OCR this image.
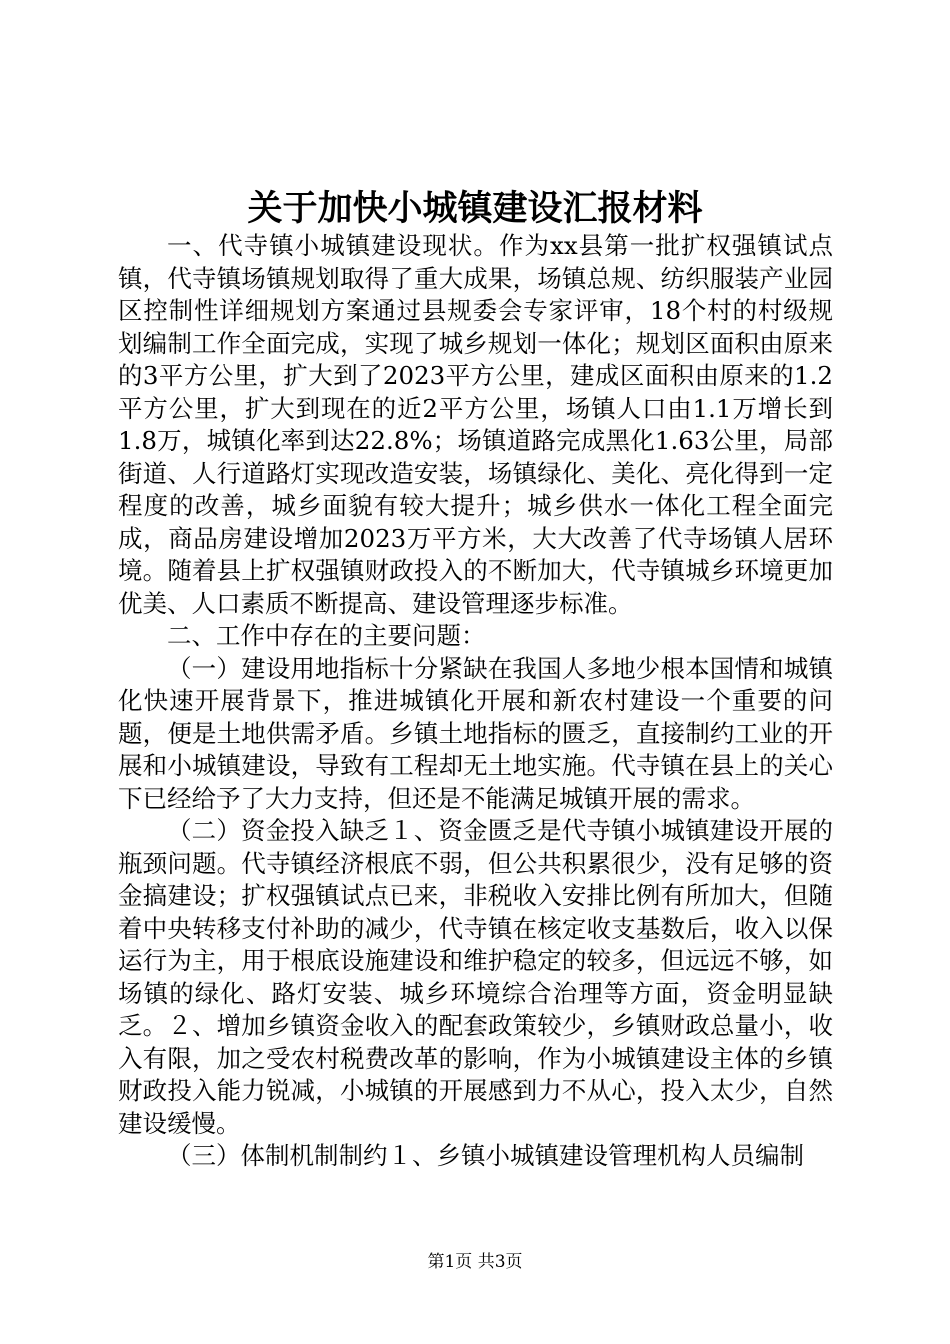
关于加快小城镇建设汇报材料

一、代寺镇小城镇建设现状。作为xx县第一批扩权强镇试点镇，代寺镇场镇规划取得了重大成果，场镇总规、纺织服装产业园区控制性详细规划方案通过县规委会专家评审，18个村的村级规划编制工作全面完成，实现了城乡规划一体化；规划区面积由原来的3平方公里，扩大到了2023平方公里，建成区面积由原来的1.2平方公里，扩大到现在的近2平方公里，场镇人口由1.1万增长到1.8万，城镇化率到达22.8%；场镇道路完成黑化1.63公里，局部街道、人行道路灯实现改造安装，场镇绿化、美化、亮化得到一定程度的改善，城乡面貌有较大提升；城乡供水一体化工程全面完成，商品房建设增加2023万平方米，大大改善了代寺场镇人居环境。随着县上扩权强镇财政投入的不断加大，代寺镇城乡环境更加优美、人口素质不断提高、建设管理逐步标准。

二、工作中存在的主要问题：

（一）建设用地指标十分紧缺在我国人多地少根本国情和城镇化快速开展背景下，推进城镇化开展和新农村建设一个重要的问题，便是土地供需矛盾。乡镇土地指标的匮乏，直接制约工业的开展和小城镇建设，导致有工程却无土地实施。代寺镇在县上的关心下已经给予了大力支持，但还是不能满足城镇开展的需求。

（二）资金投入缺乏１、资金匮乏是代寺镇小城镇建设开展的瓶颈问题。代寺镇经济根底不弱，但公共积累很少，没有足够的资金搞建设；扩权强镇试点已来，非税收入安排比例有所加大，但随着中央转移支付补助的减少，代寺镇在核定收支基数后，收入以保运行为主，用于根底设施建设和维护稳定的较多，但远远不够，如场镇的绿化、路灯安装、城乡环境综合治理等方面，资金明显缺乏。２、增加乡镇资金收入的配套政策较少，乡镇财政总量小，收入有限，加之受农村税费改革的影响，作为小城镇建设主体的乡镇财政投入能力锐减，小城镇的开展感到力不从心，投入太少，自然建设缓慢。

（三）体制机制制约１、乡镇小城镇建设管理机构人员编制

第1页 共3页
